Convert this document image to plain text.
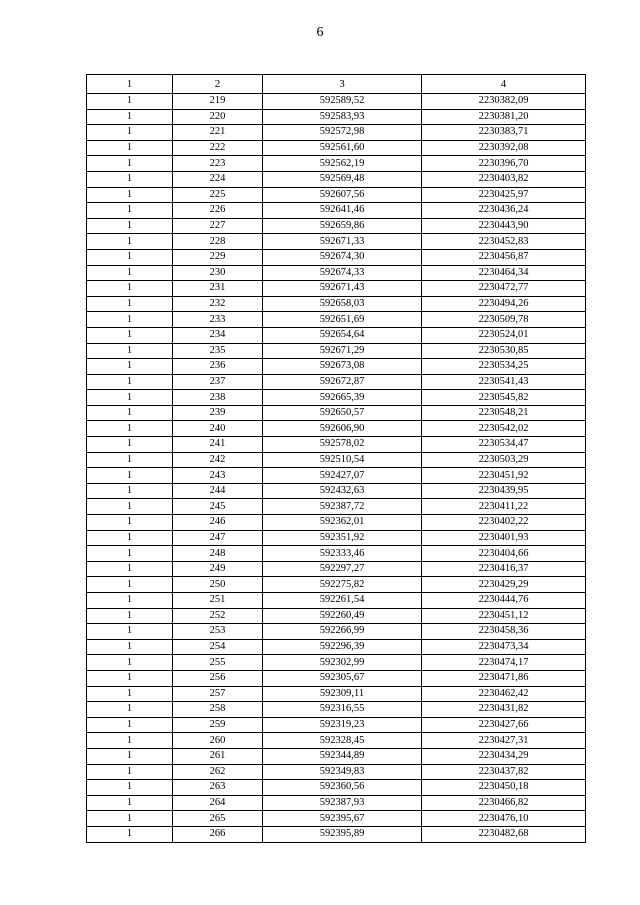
6
1	2	3	4
1	219	592589,52	2230382,09
1	220	592583,93	2230381,20
1	221	592572,98	2230383,71
1	222	592561,60	2230392,08
1	223	592562,19	2230396,70
1	224	592569,48	2230403,82
1	225	592607,56	2230425,97
1	226	592641,46	2230436,24
1	227	592659,86	2230443,90
1	228	592671,33	2230452,83
1	229	592674,30	2230456,87
1	230	592674,33	2230464,34
1	231	592671,43	2230472,77
1	232	592658,03	2230494,26
1	233	592651,69	2230509,78
1	234	592654,64	2230524,01
1	235	592671,29	2230530,85
1	236	592673,08	2230534,25
1	237	592672,87	2230541,43
1	238	592665,39	2230545,82
1	239	592650,57	2230548,21
1	240	592606,90	2230542,02
1	241	592578,02	2230534,47
1	242	592510,54	2230503,29
1	243	592427,07	2230451,92
1	244	592432,63	2230439,95
1	245	592387,72	2230411,22
1	246	592362,01	2230402,22
1	247	592351,92	2230401,93
1	248	592333,46	2230404,66
1	249	592297,27	2230416,37
1	250	592275,82	2230429,29
1	251	592261,54	2230444,76
1	252	592260,49	2230451,12
1	253	592266,99	2230458,36
1	254	592296,39	2230473,34
1	255	592302,99	2230474,17
1	256	592305,67	2230471,86
1	257	592309,11	2230462,42
1	258	592316,55	2230431,82
1	259	592319,23	2230427,66
1	260	592328,45	2230427,31
1	261	592344,89	2230434,29
1	262	592349,83	2230437,82
1	263	592360,56	2230450,18
1	264	592387,93	2230466,82
1	265	592395,67	2230476,10
1	266	592395,89	2230482,68
